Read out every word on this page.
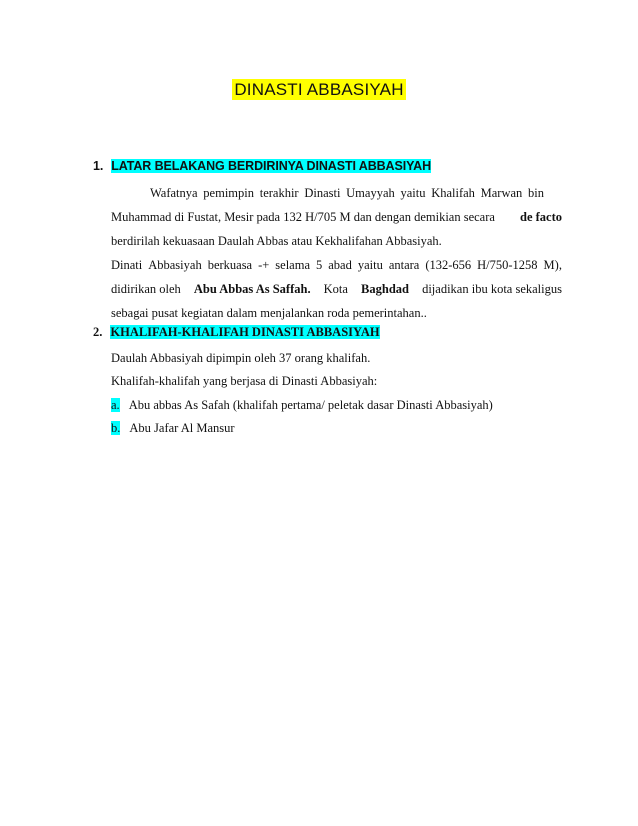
DINASTI ABBASIYAH
1. LATAR BELAKANG BERDIRINYA DINASTI ABBASIYAH
Wafatnya pemimpin terakhir Dinasti Umayyah yaitu Khalifah Marwan bin
Muhammad di Fustat, Mesir pada 132 H/705 M dan dengan demikian secara de facto
berdirilah kekuasaan Daulah Abbas atau Kekhalifahan Abbasiyah.
Dinati Abbasiyah berkuasa -+ selama 5 abad yaitu antara (132-656 H/750-1258 M),
didirikan oleh Abu Abbas As Saffah. Kota Baghdad dijadikan ibu kota sekaligus
sebagai pusat kegiatan dalam menjalankan roda pemerintahan..
2. KHALIFAH-KHALIFAH DINASTI ABBASIYAH
Daulah Abbasiyah dipimpin oleh 37 orang khalifah.
Khalifah-khalifah yang berjasa di Dinasti Abbasiyah:
a. Abu abbas As Safah (khalifah pertama/ peletak dasar Dinasti Abbasiyah)
b. Abu Jafar Al Mansur
